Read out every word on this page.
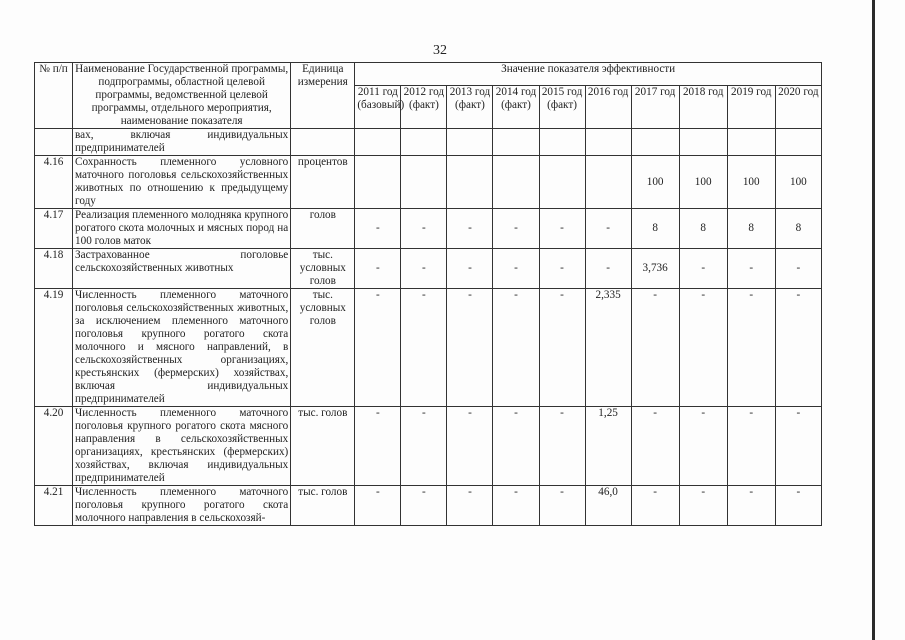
32
№ п/п	Наименование Государственной программы, подпрограммы, областной целевой программы, ведомственной целевой программы, отдельного мероприятия, наименование показателя	Единица измерения	Значение показателя эффективности									
			2011 год (базовый)	2012 год (факт)	2013 год (факт)	2014 год (факт)	2015 год (факт)	2016 год	2017 год	2018 год	2019 год	2020 год
	вах, включая индивидуальных предпринимателей											
4.16	Сохранность племенного условного маточного поголовья сельскохозяйственных животных по отношению к предыдущему году	процентов							100	100	100	100
4.17	Реализация племенного молодняка крупного рогатого скота молочных и мясных пород на 100 голов маток	голов	-	-	-	-	-	-	8	8	8	8
4.18	Застрахованное поголовье сельскохозяйственных животных	тыс. условных голов	-	-	-	-	-	-	3,736	-	-	-
4.19	Численность племенного маточного поголовья сельскохозяйственных животных, за исключением племенного маточного поголовья крупного рогатого скота молочного и мясного направлений, в сельскохозяйственных организациях, крестьянских (фермерских) хозяйствах, включая индивидуальных предпринимателей	тыс. условных голов	-	-	-	-	-	2,335	-	-	-	-
4.20	Численность племенного маточного поголовья крупного рогатого скота мясного направления в сельскохозяйственных организациях, крестьянских (фермерских) хозяйствах, включая индивидуальных предпринимателей	тыс. голов	-	-	-	-	-	1,25	-	-	-	-
4.21	Численность племенного маточного поголовья крупного рогатого скота молочного направления в сельскохозяй-	тыс. голов	-	-	-	-	-	46,0	-	-	-	-
